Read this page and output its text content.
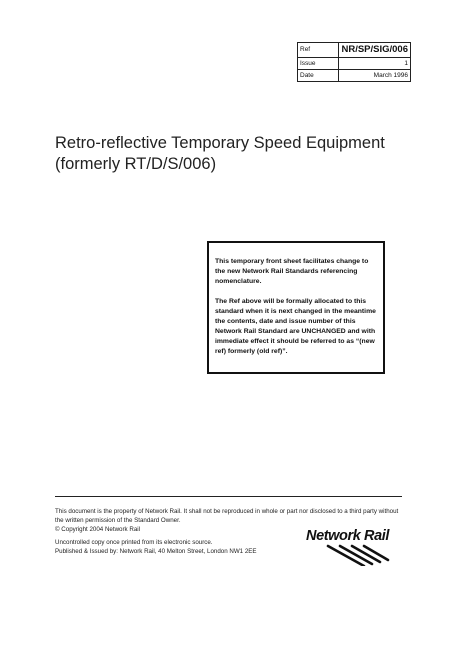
Ref	NR/SP/SIG/006
Issue	1
Date	March 1996
Retro-reflective Temporary Speed Equipment
(formerly RT/D/S/006)

This temporary front sheet facilitates change to the new Network Rail Standards referencing nomenclature.

The Ref above will be formally allocated to this standard when it is next changed in the meantime the contents, date and issue number of this Network Rail Standard are UNCHANGED and with immediate effect it should be referred to as “(new ref) formerly (old ref)”.

This document is the property of Network Rail. It shall not be reproduced in whole or part nor disclosed to a third party without the written permission of the Standard Owner.

© Copyright 2004 Network Rail

Uncontrolled copy once printed from its electronic source.

Published & Issued by: Network Rail, 40 Melton Street, London NW1 2EE

Network Rail
